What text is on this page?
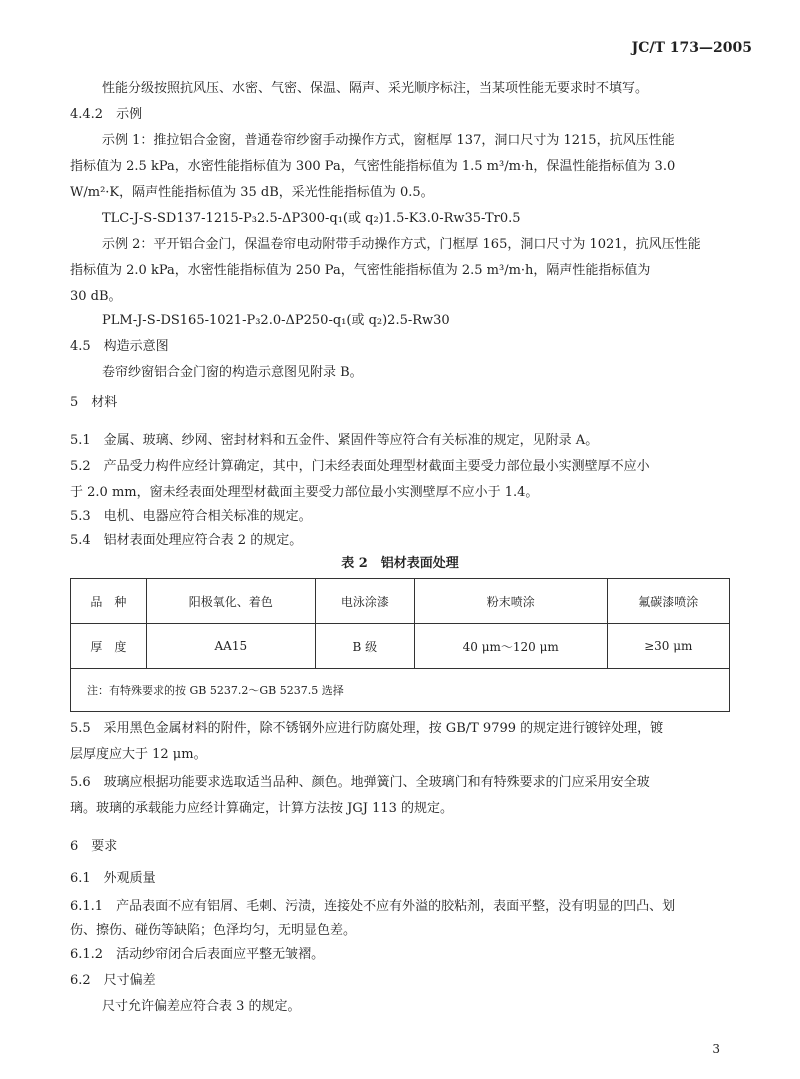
JC/T 173—2005
性能分级按照抗风压、水密、气密、保温、隔声、采光顺序标注，当某项性能无要求时不填写。
4.4.2　示例
示例 1：推拉铝合金窗，普通卷帘纱窗手动操作方式，窗框厚 137，洞口尺寸为 1215，抗风压性能
指标值为 2.5 kPa，水密性能指标值为 300 Pa，气密性能指标值为 1.5 m³/m·h，保温性能指标值为 3.0
W/m²·K，隔声性能指标值为 35 dB，采光性能指标值为 0.5。
TLC-J-S-SD137-1215-P₃2.5-ΔP300-q₁(或 q₂)1.5-K3.0-Rw35-Tr0.5
示例 2：平开铝合金门，保温卷帘电动附带手动操作方式，门框厚 165，洞口尺寸为 1021，抗风压性能
指标值为 2.0 kPa，水密性能指标值为 250 Pa，气密性能指标值为 2.5 m³/m·h，隔声性能指标值为
30 dB。
PLM-J-S-DS165-1021-P₃2.0-ΔP250-q₁(或 q₂)2.5-Rw30
4.5　构造示意图
卷帘纱窗铝合金门窗的构造示意图见附录 B。
5　材料
5.1　金属、玻璃、纱网、密封材料和五金件、紧固件等应符合有关标准的规定，见附录 A。
5.2　产品受力构件应经计算确定，其中，门未经表面处理型材截面主要受力部位最小实测壁厚不应小
于 2.0 mm，窗未经表面处理型材截面主要受力部位最小实测壁厚不应小于 1.4。
5.3　电机、电器应符合相关标准的规定。
5.4　铝材表面处理应符合表 2 的规定。
表 2　铝材表面处理
品　种	阳极氧化、着色	电泳涂漆	粉末喷涂	氟碳漆喷涂
厚　度	AA15	B 级	40 μm～120 μm	≥30 μm
注：有特殊要求的按 GB 5237.2～GB 5237.5 选择				
5.5　采用黑色金属材料的附件，除不锈钢外应进行防腐处理，按 GB/T 9799 的规定进行镀锌处理，镀
层厚度应大于 12 μm。
5.6　玻璃应根据功能要求选取适当品种、颜色。地弹簧门、全玻璃门和有特殊要求的门应采用安全玻
璃。玻璃的承载能力应经计算确定，计算方法按 JGJ 113 的规定。
6　要求
6.1　外观质量
6.1.1　产品表面不应有铝屑、毛刺、污渍，连接处不应有外溢的胶粘剂，表面平整，没有明显的凹凸、划
伤、擦伤、碰伤等缺陷；色泽均匀，无明显色差。
6.1.2　活动纱帘闭合后表面应平整无皱褶。
6.2　尺寸偏差
尺寸允许偏差应符合表 3 的规定。
3
